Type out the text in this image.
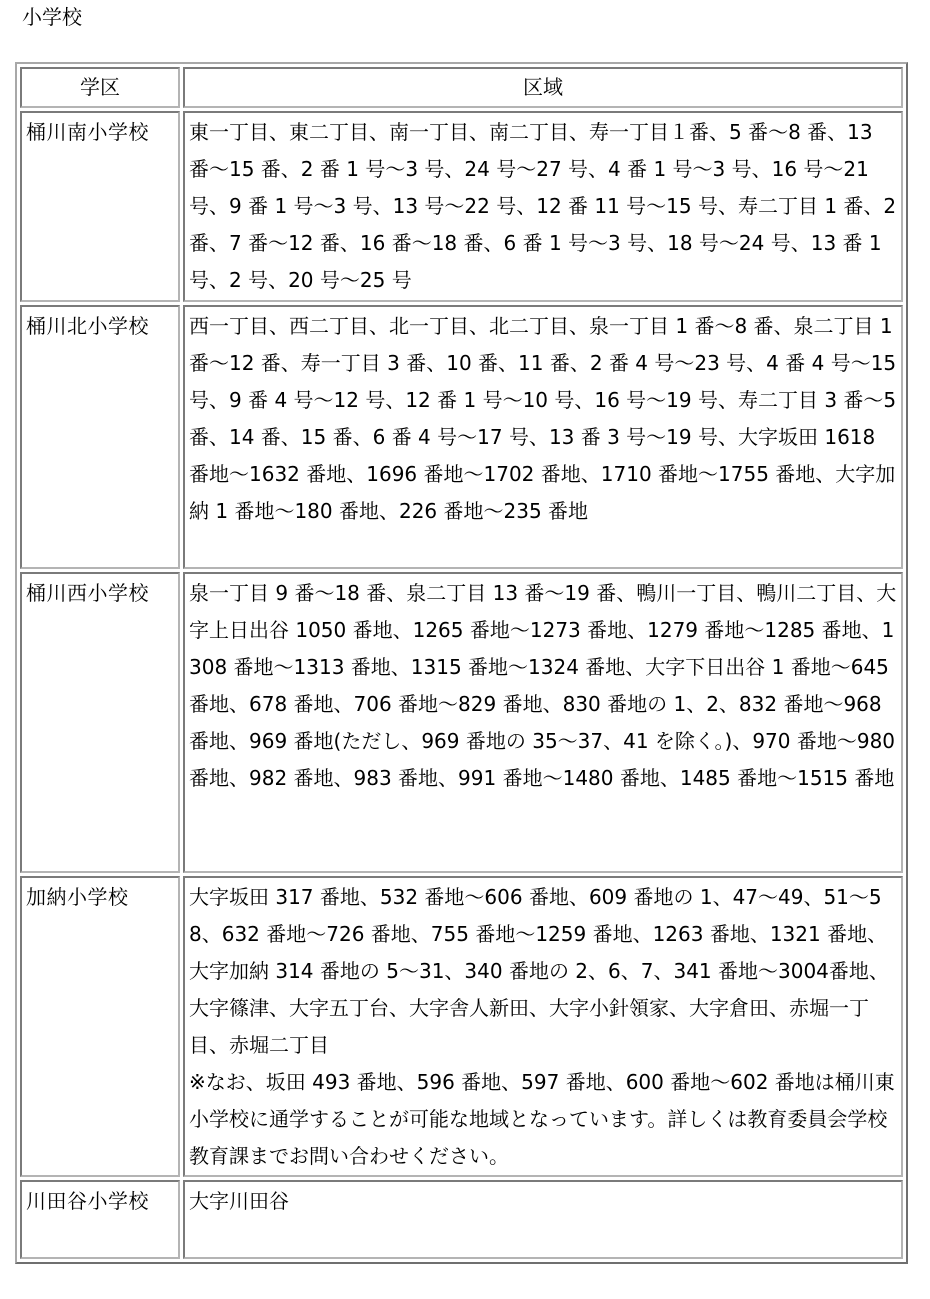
小学校
学区	区域
桶川南小学校	東一丁目、東二丁目、南一丁目、南二丁目、寿一丁目１番、5 番～8 番、13 番～15 番、2 番 1 号～3 号、24 号～27 号、4 番 1 号～3 号、16 号～21 号、9 番 1 号～3 号、13 号～22 号、12 番 11 号～15 号、寿二丁目 1 番、2 番、7 番～12 番、16 番～18 番、6 番 1 号～3 号、18 号～24 号、13 番 1 号、2 号、20 号～25 号
桶川北小学校	西一丁目、西二丁目、北一丁目、北二丁目、泉一丁目 1 番～8 番、泉二丁目 1 番～12 番、寿一丁目 3 番、10 番、11 番、2 番 4 号～23 号、4 番 4 号～15 号、9 番 4 号～12 号、12 番 1 号～10 号、16 号～19 号、寿二丁目 3 番～5 番、14 番、15 番、6 番 4 号～17 号、13 番 3 号～19 号、大字坂田 1618 番地～1632 番地、1696 番地～1702 番地、1710 番地～1755 番地、大字加納 1 番地～180 番地、226 番地～235 番地
桶川西小学校	泉一丁目 9 番～18 番、泉二丁目 13 番～19 番、鴨川一丁目、鴨川二丁目、大字上日出谷 1050 番地、1265 番地～1273 番地、1279 番地～1285 番地、1308 番地～1313 番地、1315 番地～1324 番地、大字下日出谷 1 番地～645 番地、678 番地、706 番地～829 番地、830 番地の 1、2、832 番地～968 番地、969 番地(ただし、969 番地の 35～37、41 を除く。)、970 番地～980 番地、982 番地、983 番地、991 番地～1480 番地、1485 番地～1515 番地
加納小学校	大字坂田 317 番地、532 番地～606 番地、609 番地の 1、47～49、51～58、632 番地～726 番地、755 番地～1259 番地、1263 番地、1321 番地、大字加納 314 番地の 5～31、340 番地の 2、6、7、341 番地～3004番地、大字篠津、大字五丁台、大字舎人新田、大字小針領家、大字倉田、赤堀一丁目、赤堀二丁目
※なお、坂田 493 番地、596 番地、597 番地、600 番地～602 番地は桶川東小学校に通学することが可能な地域となっています。詳しくは教育委員会学校教育課までお問い合わせください。

川田谷小学校	大字川田谷
